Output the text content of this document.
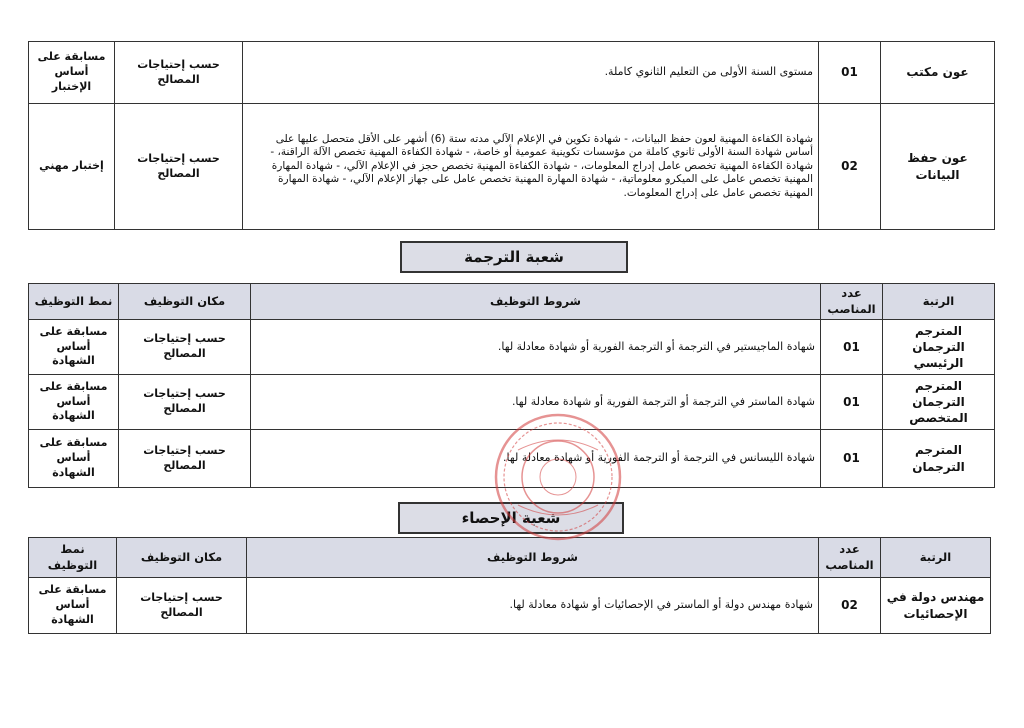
عون مكتب	01	مستوى السنة الأولى من التعليم الثانوي كاملة.	حسب إحتياجات المصالح	مسابقة على أساس الإختبار
عون حفظ البيانات	02	شهادة الكفاءة المهنية لعون حفظ البيانات، - شهادة تكوين في الإعلام الآلي مدته ستة (6) أشهر على الأقل متحصل عليها على أساس شهادة السنة الأولى ثانوي كاملة من مؤسسات تكوينية عمومية أو خاصة، - شهادة الكفاءة المهنية تخصص الآلة الراقنة، - شهادة الكفاءة المهنية تخصص عامل إدراج المعلومات، - شهادة الكفاءة المهنية تخصص حجز في الإعلام الآلي، - شهادة المهارة المهنية تخصص عامل على الميكرو معلوماتية، - شهادة المهارة المهنية تخصص عامل على جهاز الإعلام الآلي، - شهادة المهارة المهنية تخصص عامل على إدراج المعلومات.	حسب إحتياجات المصالح	إختبار مهني
شعبة الترجمة
الرتبة	عدد المناصب	شروط التوظيف	مكان التوظيف	نمط التوظيف
المترجم الترجمان الرئيسي	01	شهادة الماجيستير في الترجمة أو الترجمة الفورية أو شهادة معادلة لها.	حسب إحتياجات المصالح	مسابقة على أساس الشهادة
المترجم الترجمان المتخصص	01	شهادة الماستر في الترجمة أو الترجمة الفورية أو شهادة معادلة لها.	حسب إحتياجات المصالح	مسابقة على أساس الشهادة
المترجم الترجمان	01	شهادة الليسانس في الترجمة أو الترجمة الفورية أو شهادة معادلة لها.	حسب إحتياجات المصالح	مسابقة على أساس الشهادة
شعبة الإحصاء
الرتبة	عدد المناصب	شروط التوظيف	مكان التوظيف	نمط التوظيف
مهندس دولة في الإحصائيات	02	شهادة مهندس دولة أو الماستر في الإحصائيات أو شهادة معادلة لها.	حسب إحتياجات المصالح	مسابقة على أساس الشهادة
